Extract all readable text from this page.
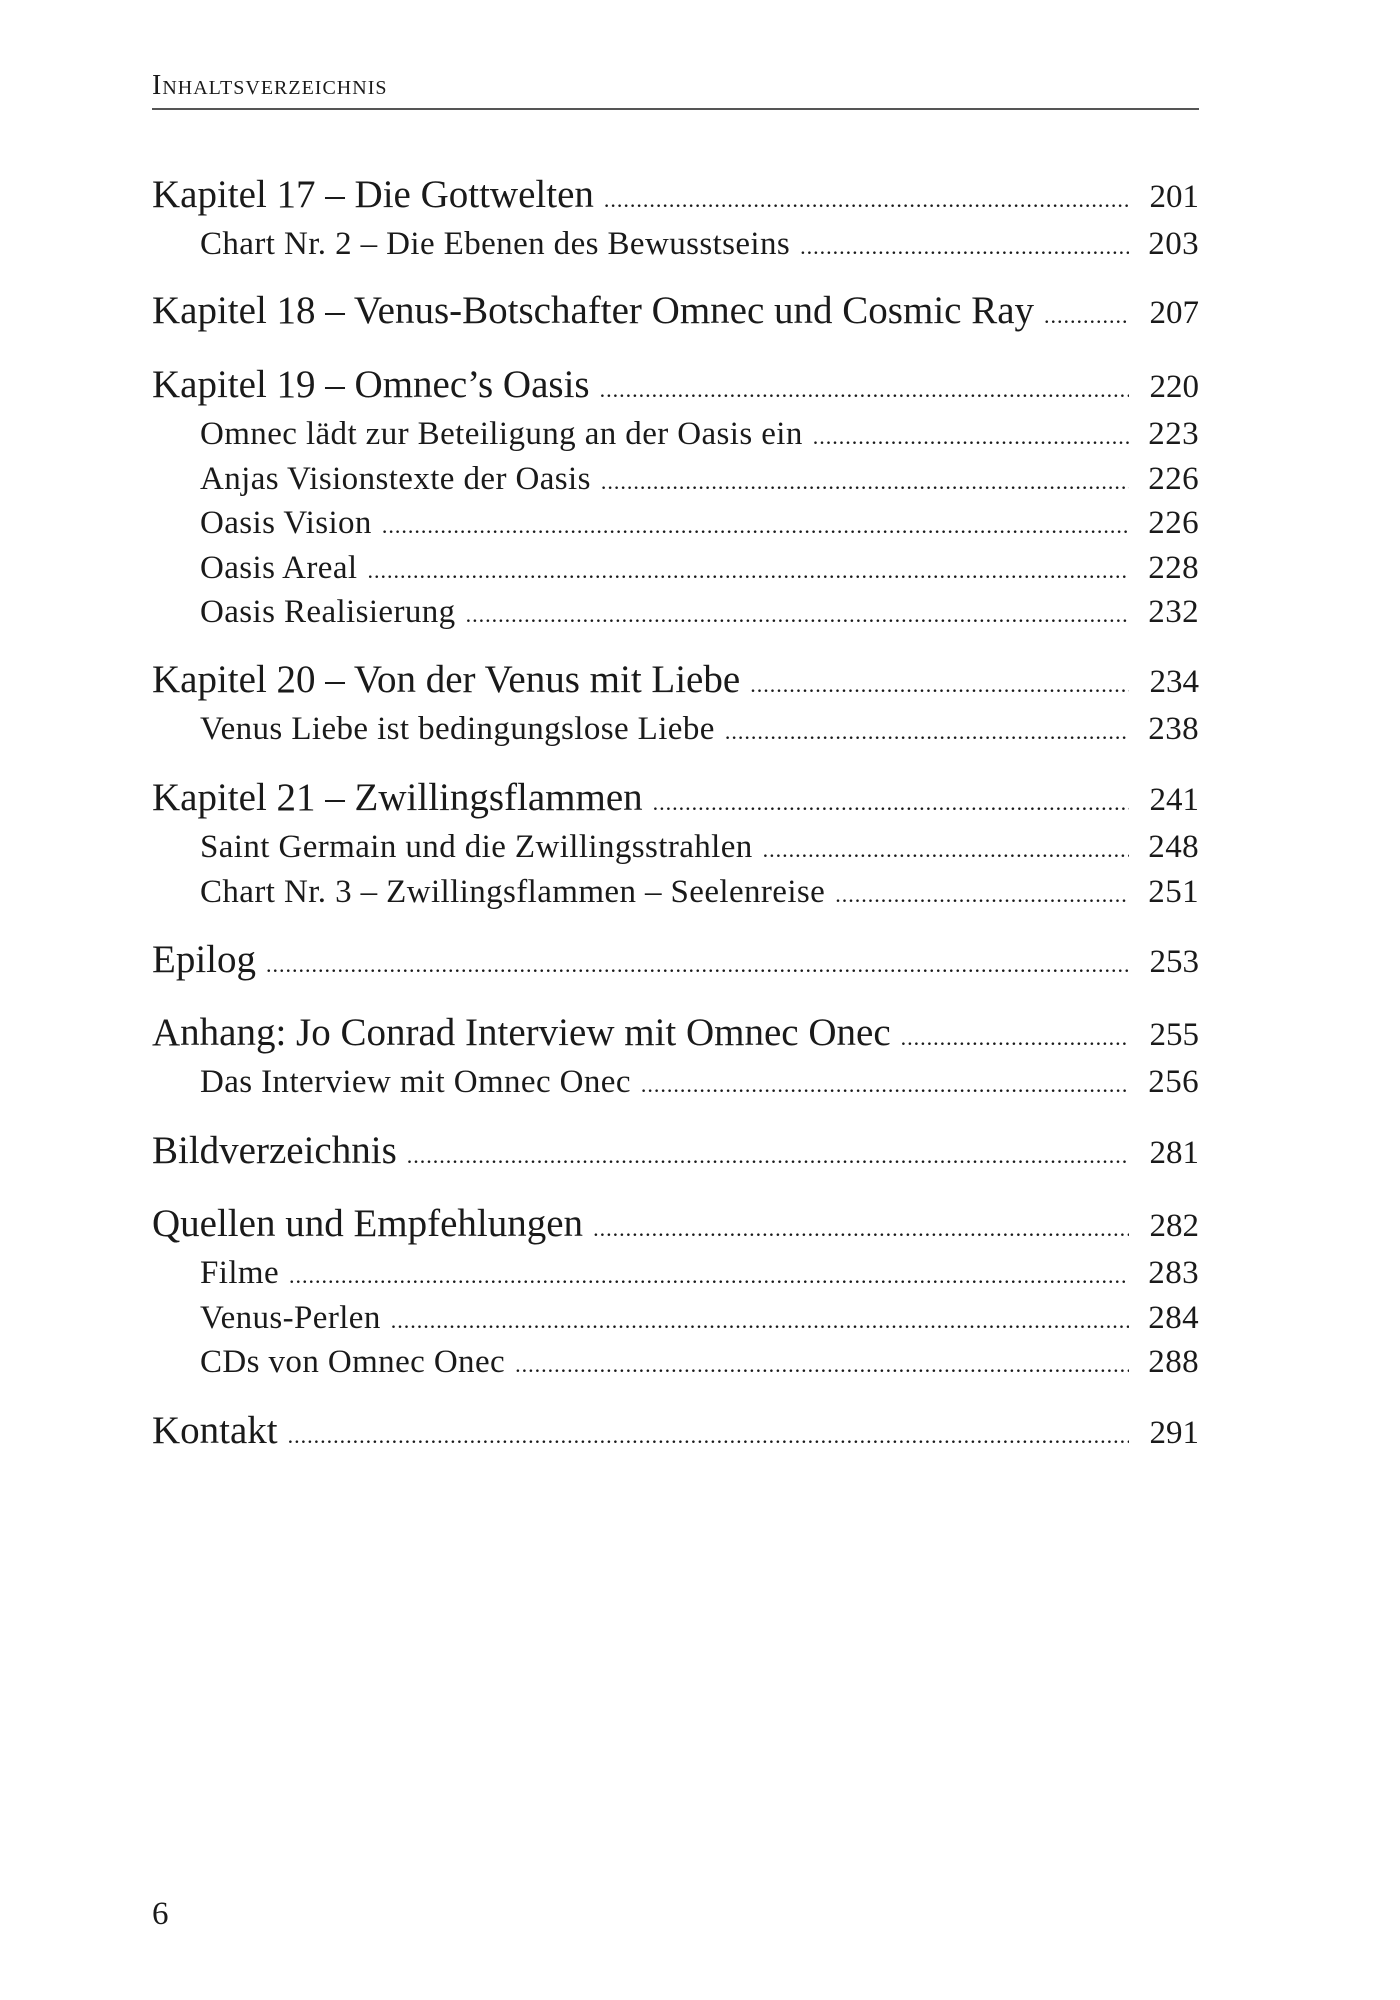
Inhaltsverzeichnis
Kapitel 17 – Die Gottwelten .....	201
Chart Nr. 2 – Die Ebenen des Bewusstseins .....	203
Kapitel 18 – Venus-Botschafter Omnec und Cosmic Ray .....	207
Kapitel 19 – Omnec’s Oasis .....	220
Omnec lädt zur Beteiligung an der Oasis ein .....	223
Anjas Visionstexte der Oasis .....	226
Oasis Vision .....	226
Oasis Areal .....	228
Oasis Realisierung .....	232
Kapitel 20 – Von der Venus mit Liebe .....	234
Venus Liebe ist bedingungslose Liebe .....	238
Kapitel 21 – Zwillingsflammen .....	241
Saint Germain und die Zwillingsstrahlen .....	248
Chart Nr. 3 – Zwillingsflammen – Seelenreise .....	251
Epilog .....	253
Anhang: Jo Conrad Interview mit Omnec Onec .....	255
Das Interview mit Omnec Onec .....	256
Bildverzeichnis .....	281
Quellen und Empfehlungen .....	282
Filme .....	283
Venus-Perlen .....	284
CDs von Omnec Onec .....	288
Kontakt .....	291
6
